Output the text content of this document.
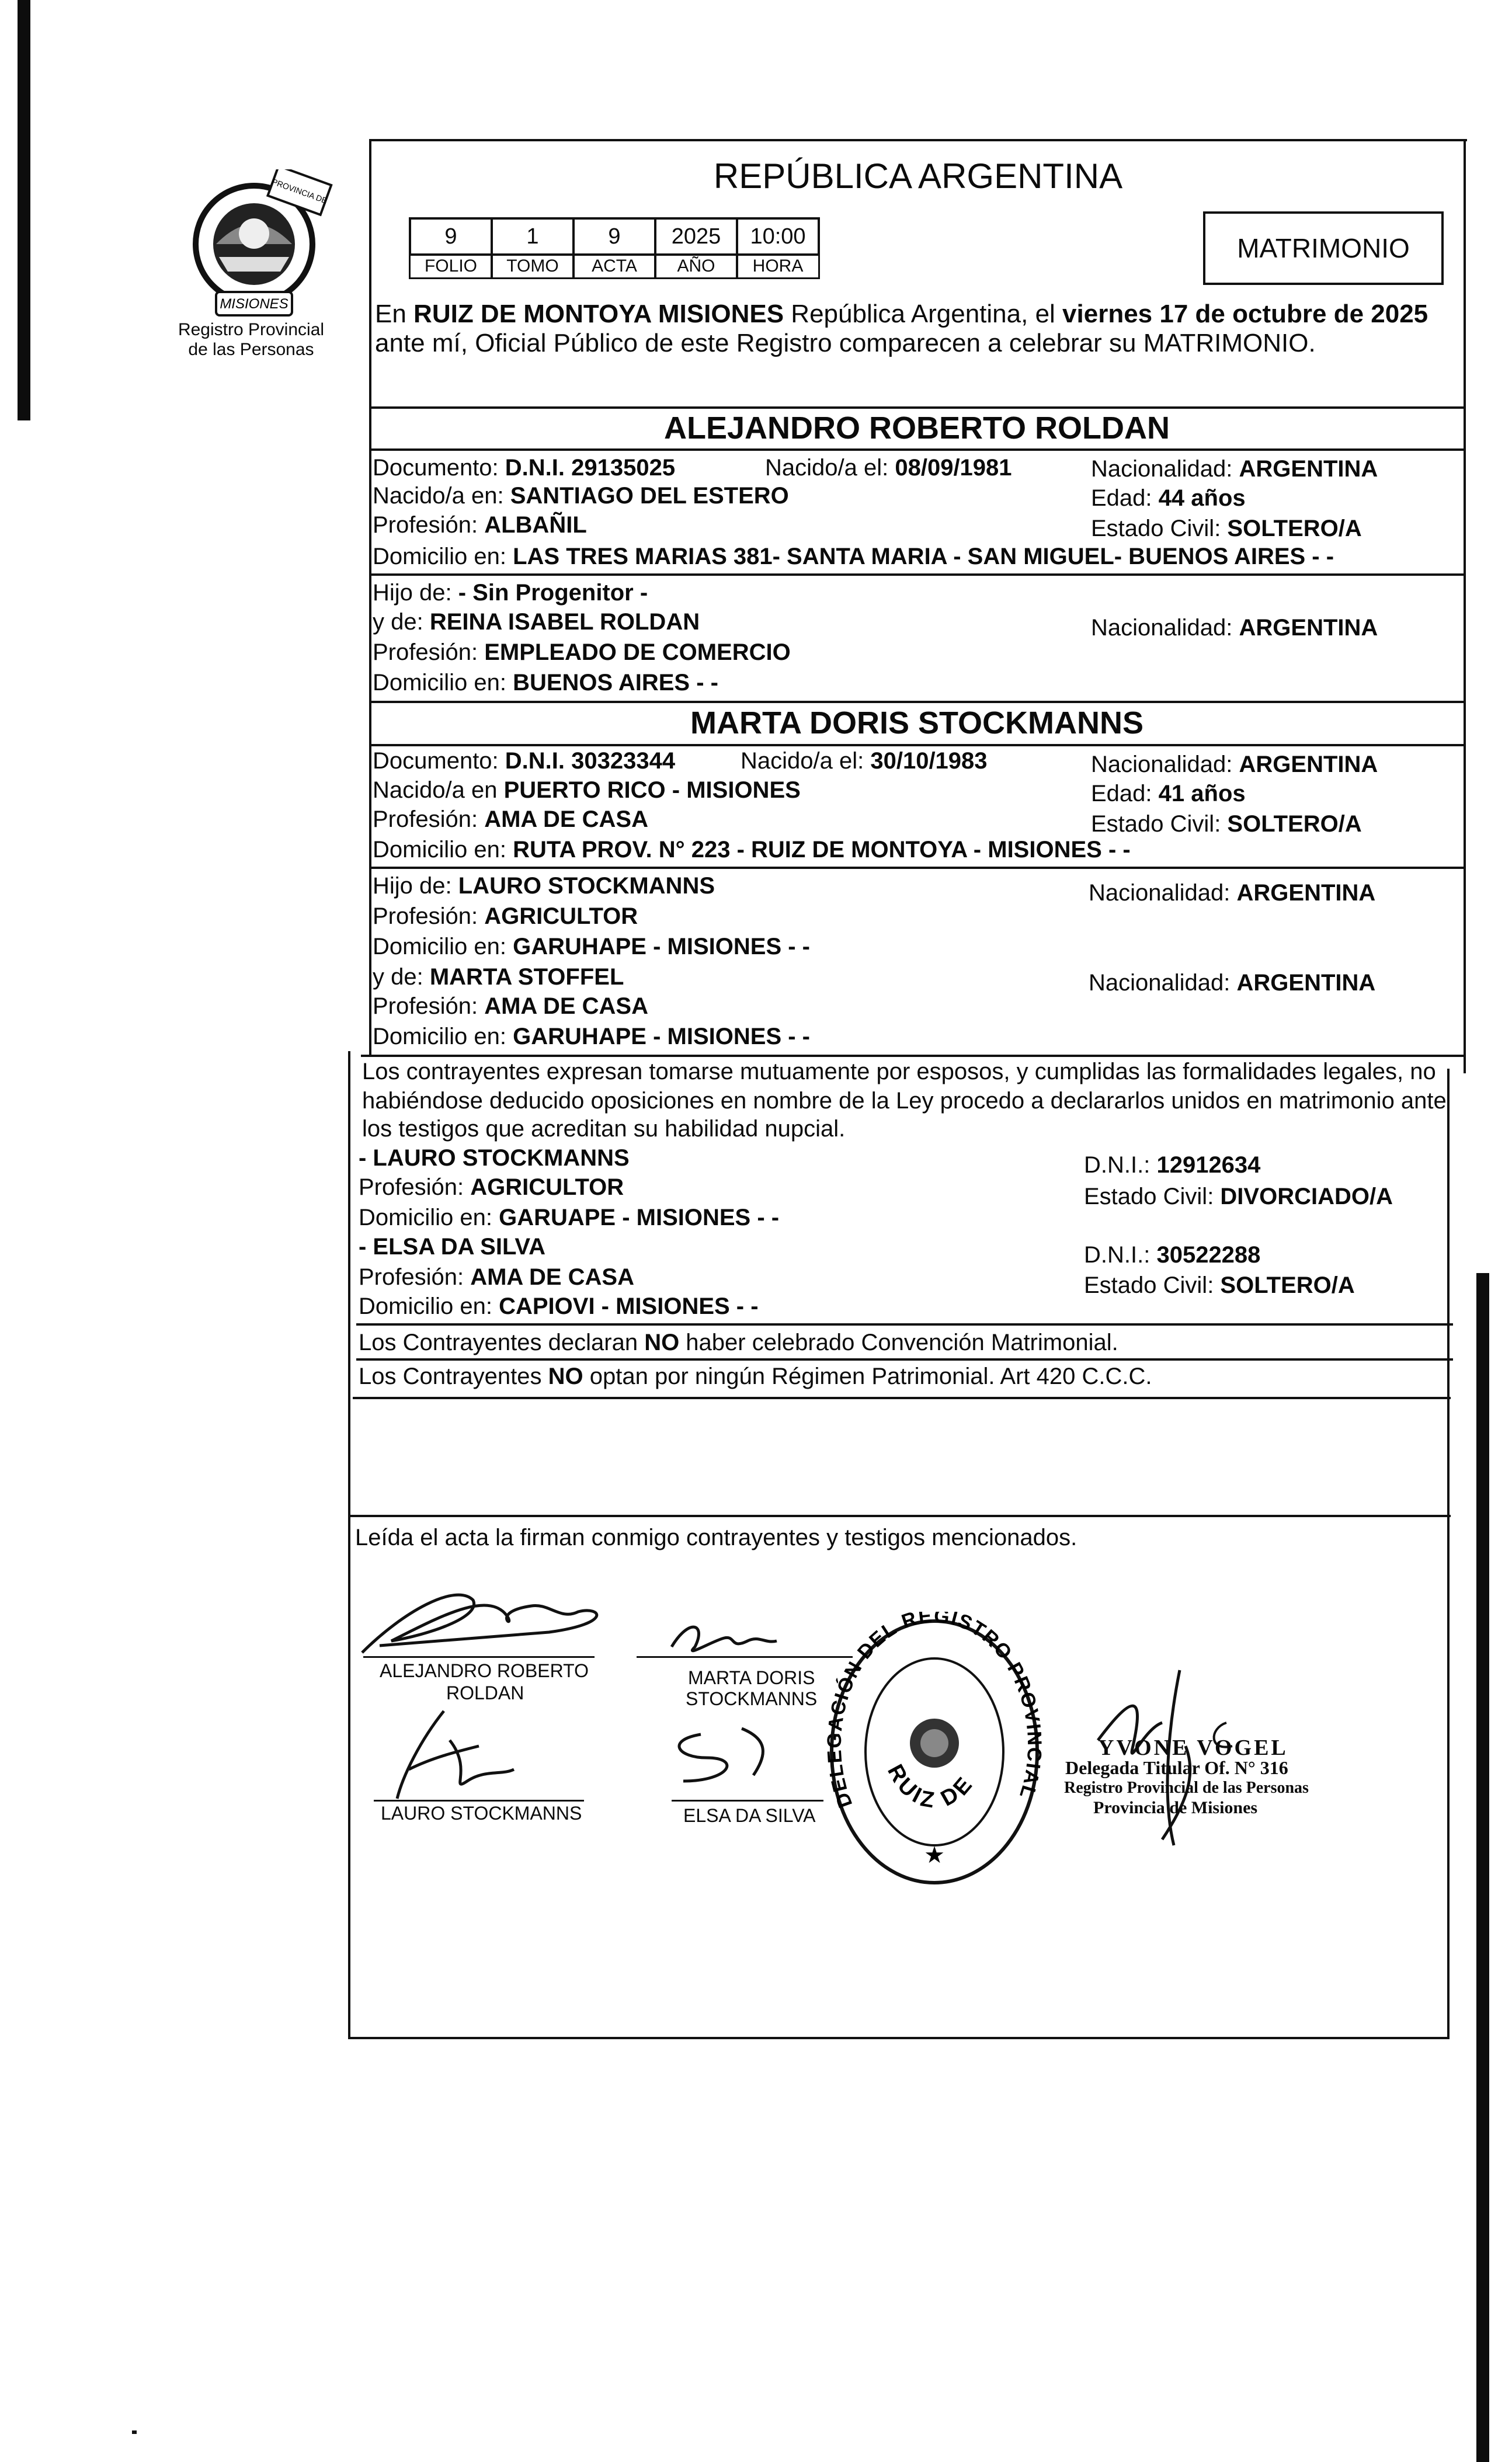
PROVINCIA DE
MISIONES
Registro Provincial
de las Personas
REPÚBLICA ARGENTINA
MATRIMONIO
9	1	9	2025	10:00
FOLIO	TOMO	ACTA	AÑO	HORA
En RUIZ DE MONTOYA MISIONES República Argentina, el viernes 17 de octubre de 2025
ante mí, Oficial Público de este Registro comparecen a celebrar su MATRIMONIO.
ALEJANDRO ROBERTO ROLDAN
Documento: D.N.I. 29135025	Nacido/a el: 08/09/1981	Nacionalidad: ARGENTINA
Nacido/a en: SANTIAGO DEL ESTERO	Edad: 44 años
Profesión: ALBAÑIL	Estado Civil: SOLTERO/A
Domicilio en: LAS TRES MARIAS 381- SANTA MARIA - SAN MIGUEL- BUENOS AIRES - -
Hijo de: - Sin Progenitor -
y de: REINA ISABEL ROLDAN	Nacionalidad: ARGENTINA
Profesión: EMPLEADO DE COMERCIO
Domicilio en: BUENOS AIRES - -
MARTA DORIS STOCKMANNS
Documento: D.N.I. 30323344	Nacido/a el: 30/10/1983	Nacionalidad: ARGENTINA
Nacido/a en PUERTO RICO - MISIONES	Edad: 41 años
Profesión: AMA DE CASA	Estado Civil: SOLTERO/A
Domicilio en: RUTA PROV. N° 223 - RUIZ DE MONTOYA - MISIONES - -
Hijo de: LAURO STOCKMANNS	Nacionalidad: ARGENTINA
Profesión: AGRICULTOR
Domicilio en: GARUHAPE - MISIONES - -
y de: MARTA STOFFEL	Nacionalidad: ARGENTINA
Profesión: AMA DE CASA
Domicilio en: GARUHAPE - MISIONES - -
Los contrayentes expresan tomarse mutuamente por esposos, y cumplidas las formalidades legales, no
habiéndose deducido oposiciones en nombre de la Ley procedo a declararlos unidos en matrimonio ante
los testigos que acreditan su habilidad nupcial.
- LAURO STOCKMANNS	D.N.I.: 12912634
Profesión: AGRICULTOR	Estado Civil: DIVORCIADO/A
Domicilio en: GARUAPE - MISIONES - -
- ELSA DA SILVA	D.N.I.: 30522288
Profesión: AMA DE CASA	Estado Civil: SOLTERO/A
Domicilio en: CAPIOVI - MISIONES - -
Los Contrayentes declaran NO haber celebrado Convención Matrimonial.
Los Contrayentes NO optan por ningún Régimen Patrimonial. Art 420 C.C.C.
Leída el acta la firman conmigo contrayentes y testigos mencionados.
ALEJANDRO ROBERTO
ROLDAN
MARTA DORIS
STOCKMANNS
LAURO STOCKMANNS	ELSA DA SILVA
DELEGACIÓN DEL REGISTRO PROVINCIAL
RUIZ DE
★
YVONE VOGEL
Delegada Titular Of. N° 316
Registro Provincial de las Personas
Provincia de Misiones
